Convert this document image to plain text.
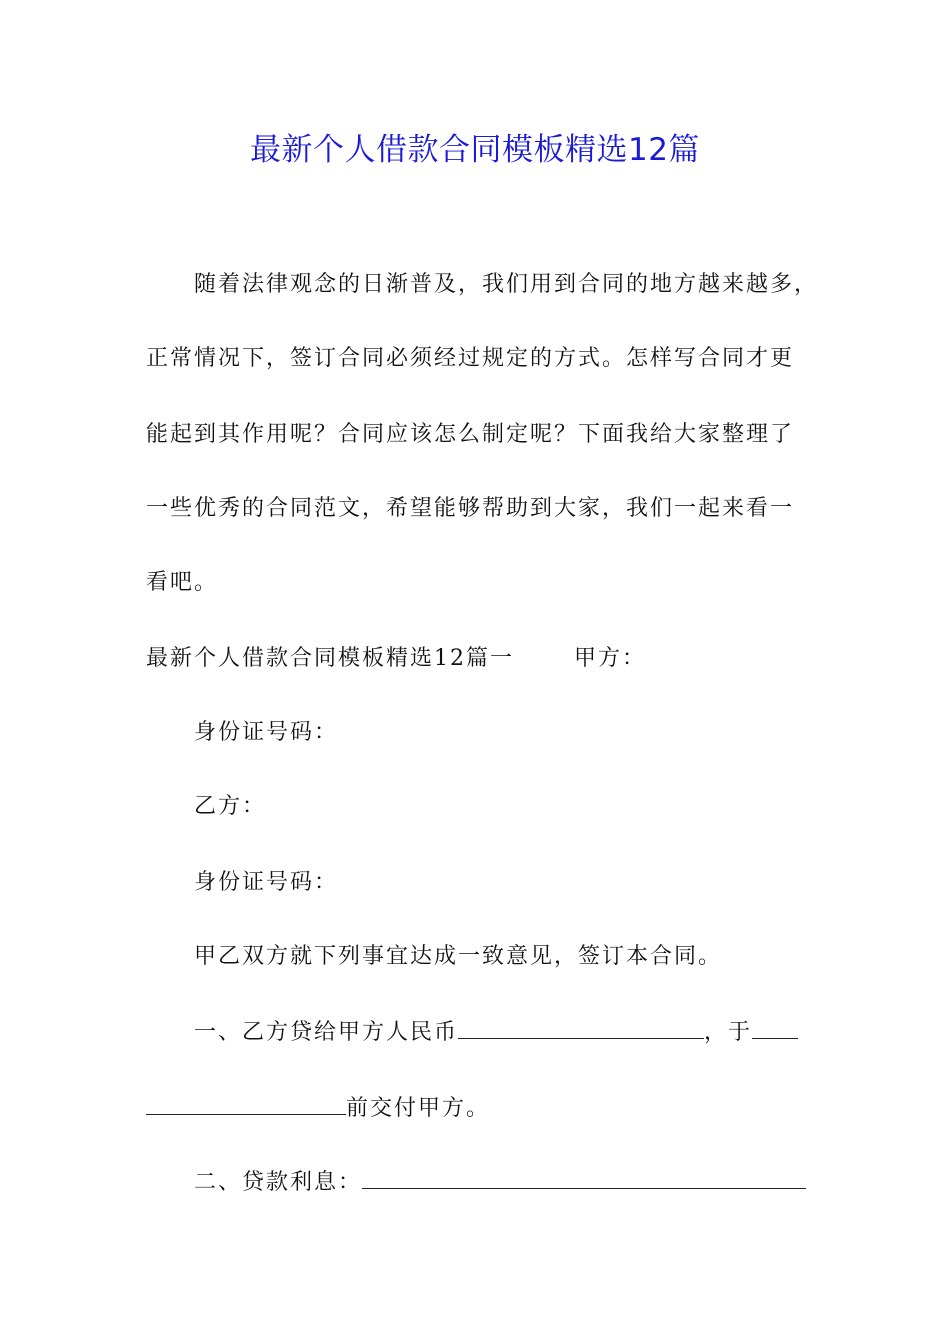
最新个人借款合同模板精选12篇
随着法律观念的日渐普及，我们用到合同的地方越来越多，
正常情况下，签订合同必须经过规定的方式。怎样写合同才更
能起到其作用呢？合同应该怎么制定呢？下面我给大家整理了
一些优秀的合同范文，希望能够帮助到大家，我们一起来看一
看吧。
最新个人借款合同模板精选12篇一	甲方：
身份证号码：
乙方：
身份证号码：
甲乙双方就下列事宜达成一致意见，签订本合同。
一、乙方贷给甲方人民币	，于
前交付甲方。
二、贷款利息：
